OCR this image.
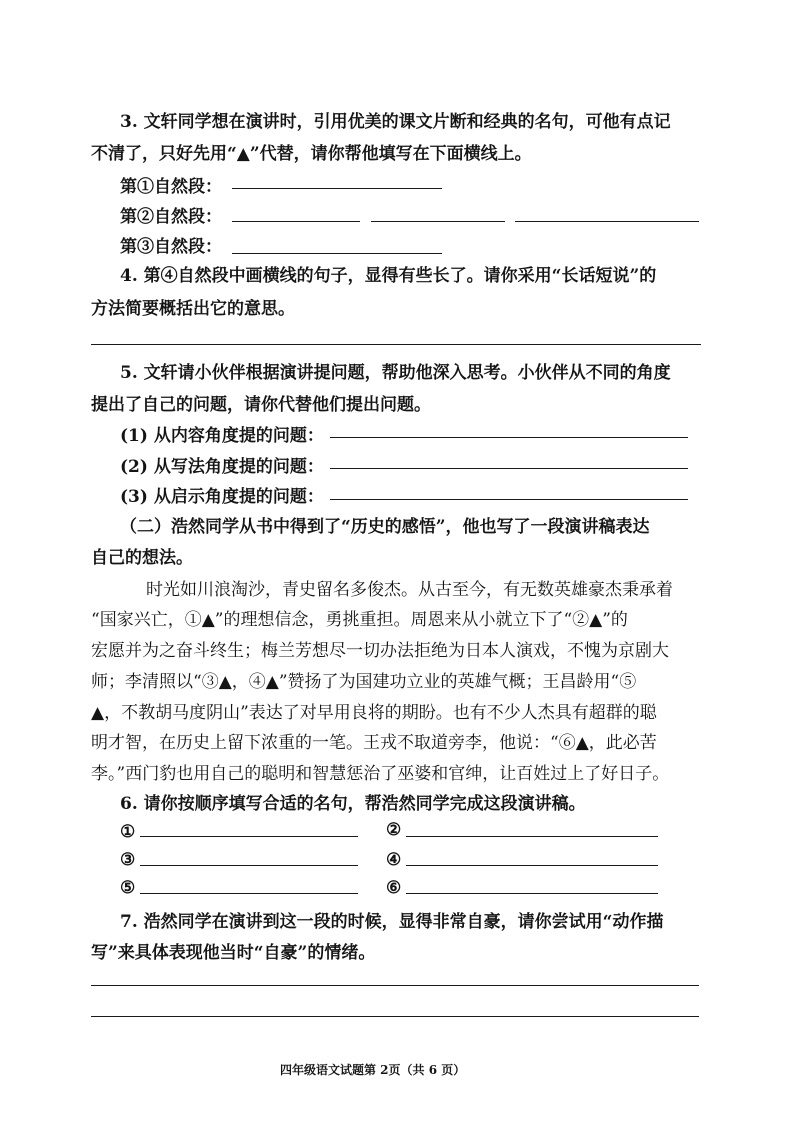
3. 文轩同学想在演讲时，引用优美的课文片断和经典的名句，可他有点记
不清了，只好先用“▲”代替，请你帮他填写在下面横线上。
第①自然段：
第②自然段：
第③自然段：
4. 第④自然段中画横线的句子，显得有些长了。请你采用“长话短说”的
方法简要概括出它的意思。
5. 文轩请小伙伴根据演讲提问题，帮助他深入思考。小伙伴从不同的角度
提出了自己的问题，请你代替他们提出问题。
(1) 从内容角度提的问题：
(2) 从写法角度提的问题：
(3) 从启示角度提的问题：
（二）浩然同学从书中得到了“历史的感悟”，他也写了一段演讲稿表达
自己的想法。
时光如川浪淘沙，青史留名多俊杰。从古至今，有无数英雄豪杰秉承着
“国家兴亡，①▲”的理想信念，勇挑重担。周恩来从小就立下了“②▲”的
宏愿并为之奋斗终生；梅兰芳想尽一切办法拒绝为日本人演戏，不愧为京剧大
师；李清照以“③▲，④▲”赞扬了为国建功立业的英雄气概；王昌龄用“⑤
▲，不教胡马度阴山”表达了对早用良将的期盼。也有不少人杰具有超群的聪
明才智，在历史上留下浓重的一笔。王戎不取道旁李，他说：“⑥▲，此必苦
李。”西门豹也用自己的聪明和智慧惩治了巫婆和官绅，让百姓过上了好日子。
6. 请你按顺序填写合适的名句，帮浩然同学完成这段演讲稿。
①	②
③	④
⑤	⑥
7. 浩然同学在演讲到这一段的时候，显得非常自豪，请你尝试用“动作描
写”来具体表现他当时“自豪”的情绪。
四年级语文试题第 2页（共 6 页）
